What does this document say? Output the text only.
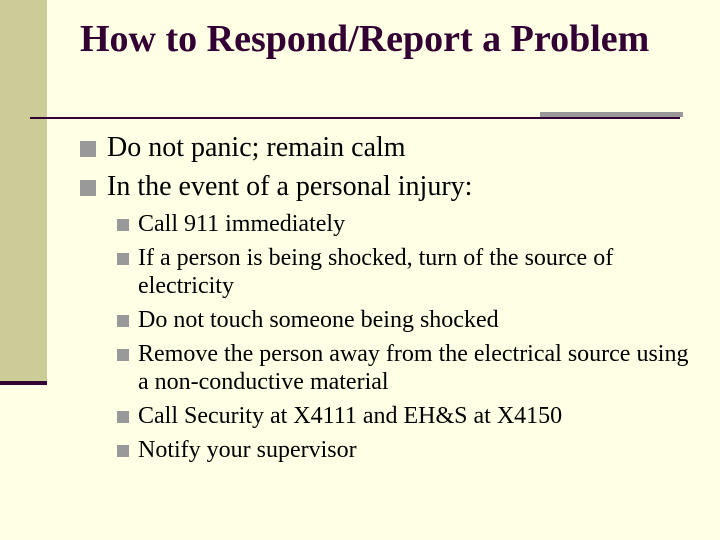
How to Respond/Report a Problem
Do not panic; remain calm
In the event of a personal injury:
Call 911 immediately
If a person is being shocked, turn of the source of electricity
Do not touch someone being shocked
Remove the person away from the electrical source using a non-conductive material
Call Security at X4111 and EH&S at X4150
Notify your supervisor
